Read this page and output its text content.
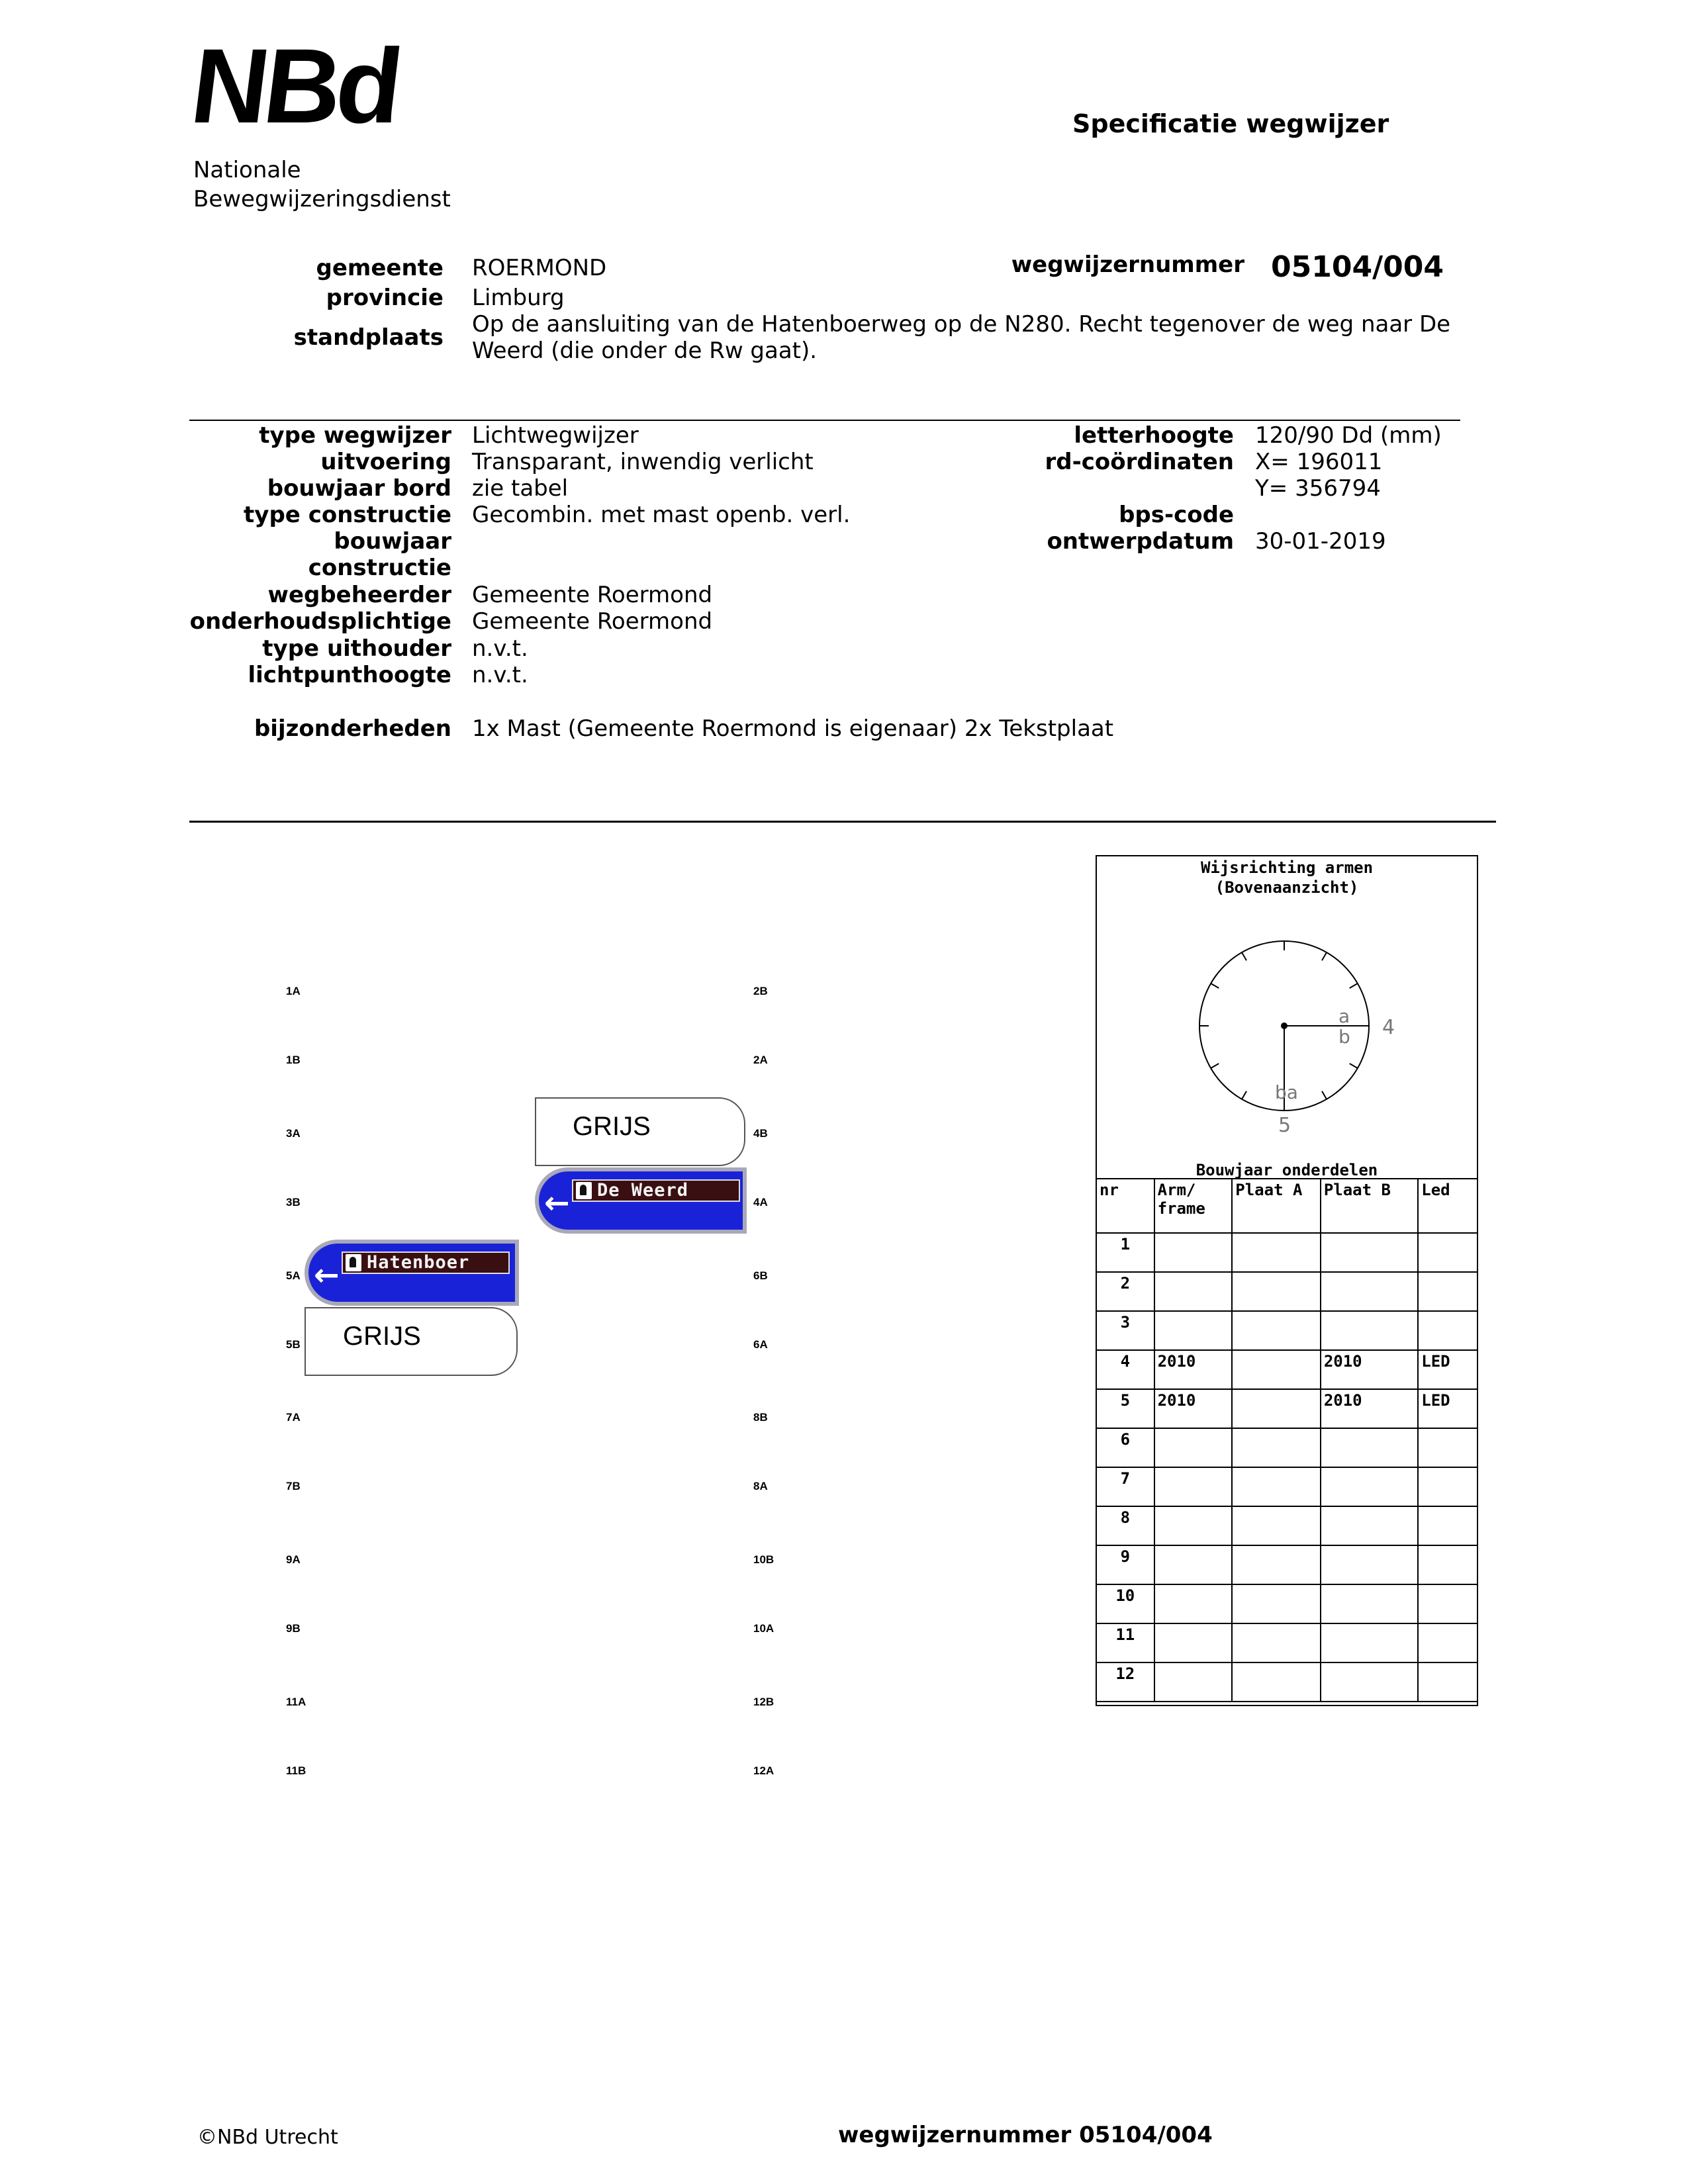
NBd
Nationale
Bewegwijzeringsdienst
Specificatie wegwijzer
gemeente ROERMOND
provincie Limburg
standplaats Op de aansluiting van de Hatenboerweg op de N280. Recht tegenover de weg naar De Weerd (die onder de Rw gaat).
wegwijzernummer 05104/004
type wegwijzer Lichtwegwijzer
uitvoering Transparant, inwendig verlicht
bouwjaar bord zie tabel
type constructie Gecombin. met mast openb. verl.
bouwjaar
constructie
wegbeheerder Gemeente Roermond
onderhoudsplichtige Gemeente Roermond
type uithouder n.v.t.
lichtpunthoogte n.v.t.
bijzonderheden 1x Mast (Gemeente Roermond is eigenaar) 2x Tekstplaat
letterhoogte 120/90 Dd (mm)
rd-coördinaten X= 196011
Y= 356794
bps-code
ontwerpdatum 30-01-2019
1A
1B
3A
3B
5A
5B
7A
7B
9A
9B
11A
11B
2B
2A
4B
4A
6B
6A
8B
8A
10B
10A
12B
12A
GRIJS
← De Weerd
← Hatenboer
GRIJS
Wijsrichting armen
(Bovenaanzicht)
a
b 4
ba
5
Bouwjaar onderdelen
nr	Arm/ frame	Plaat A	Plaat B	Led
1				
2				
3				
4	2010		2010	LED
5	2010		2010	LED
6				
7				
8				
9				
10				
11				
12				
©NBd Utrecht	wegwijzernummer 05104/004
